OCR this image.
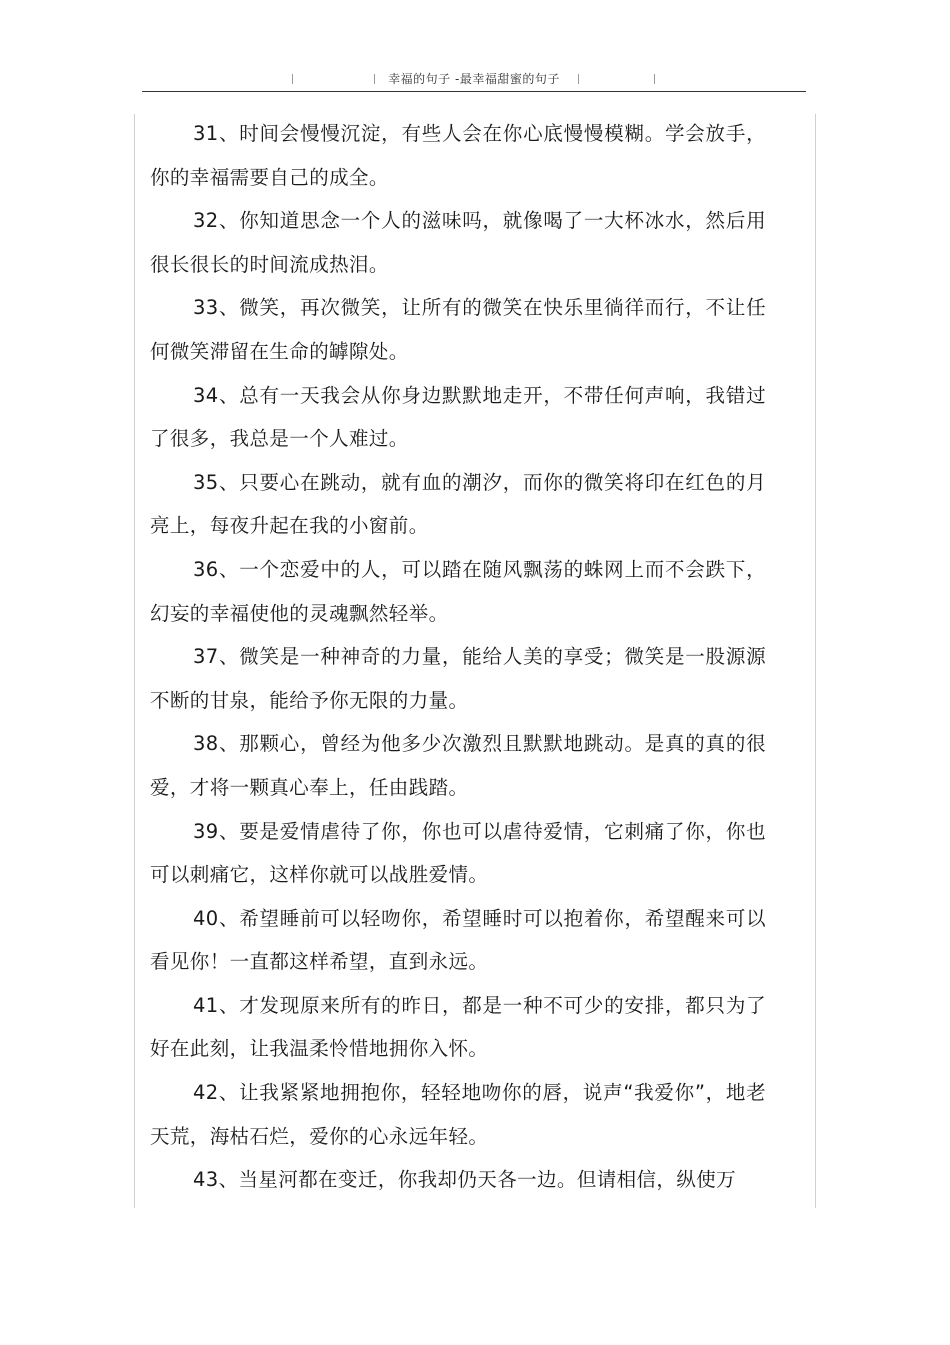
幸福的句子 -最幸福甜蜜的句子

31、时间会慢慢沉淀，有些人会在你心底慢慢模糊。学会放手，你的幸福需要自己的成全。

32、你知道思念一个人的滋味吗，就像喝了一大杯冰水，然后用很长很长的时间流成热泪。

33、微笑，再次微笑，让所有的微笑在快乐里徜徉而行，不让任何微笑滞留在生命的罅隙处。

34、总有一天我会从你身边默默地走开，不带任何声响，我错过了很多，我总是一个人难过。

35、只要心在跳动，就有血的潮汐，而你的微笑将印在红色的月亮上，每夜升起在我的小窗前。

36、一个恋爱中的人，可以踏在随风飘荡的蛛网上而不会跌下，幻妄的幸福使他的灵魂飘然轻举。

37、微笑是一种神奇的力量，能给人美的享受；微笑是一股源源不断的甘泉，能给予你无限的力量。

38、那颗心，曾经为他多少次激烈且默默地跳动。是真的真的很爱，才将一颗真心奉上，任由践踏。

39、要是爱情虐待了你，你也可以虐待爱情，它刺痛了你，你也可以刺痛它，这样你就可以战胜爱情。

40、希望睡前可以轻吻你，希望睡时可以抱着你，希望醒来可以看见你！一直都这样希望，直到永远。

41、才发现原来所有的昨日，都是一种不可少的安排，都只为了好在此刻，让我温柔怜惜地拥你入怀。

42、让我紧紧地拥抱你，轻轻地吻你的唇，说声“我爱你”，地老天荒，海枯石烂，爱你的心永远年轻。

43、当星河都在变迁，你我却仍天各一边。但请相信，纵使万
